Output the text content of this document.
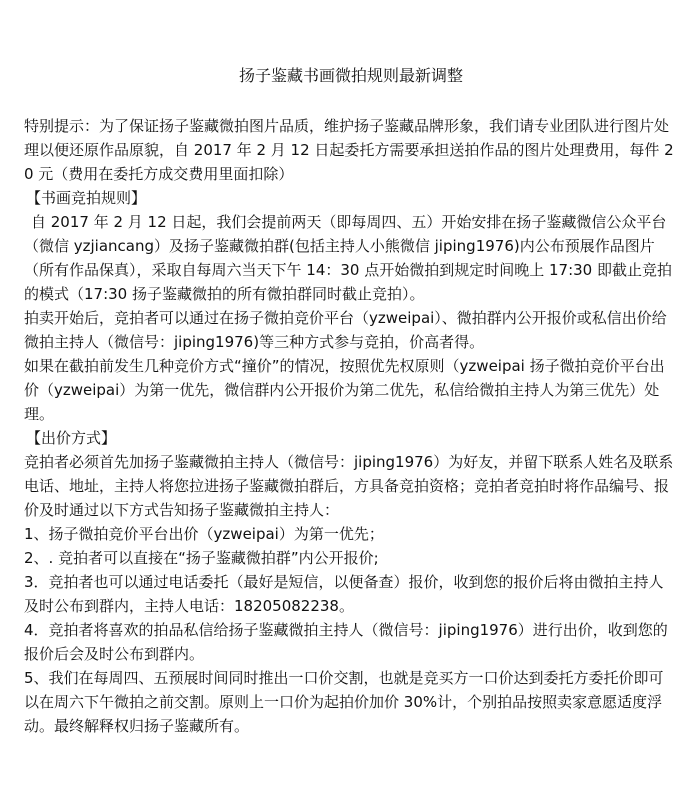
扬子鉴藏书画微拍规则最新调整

特别提示：为了保证扬子鉴藏微拍图片品质，维护扬子鉴藏品牌形象，我们请专业团队进行图片处理以便还原作品原貌，自 2017 年 2 月 12 日起委托方需要承担送拍作品的图片处理费用，每件 20 元（费用在委托方成交费用里面扣除）

【书画竞拍规则】

自 2017 年 2 月 12 日起，我们会提前两天（即每周四、五）开始安排在扬子鉴藏微信公众平台（微信 yzjiancang）及扬子鉴藏微拍群(包括主持人小熊微信 jiping1976)内公布预展作品图片（所有作品保真），采取自每周六当天下午 14：30 点开始微拍到规定时间晚上 17:30 即截止竞拍的模式（17:30 扬子鉴藏微拍的所有微拍群同时截止竞拍）。

拍卖开始后，竞拍者可以通过在扬子微拍竞价平台（yzweipai）、微拍群内公开报价或私信出价给微拍主持人（微信号：jiping1976)等三种方式参与竞拍，价高者得。

如果在截拍前发生几种竞价方式“撞价”的情况，按照优先权原则（yzweipai 扬子微拍竞价平台出价（yzweipai）为第一优先，微信群内公开报价为第二优先，私信给微拍主持人为第三优先）处理。

【出价方式】

竞拍者必须首先加扬子鉴藏微拍主持人（微信号：jiping1976）为好友，并留下联系人姓名及联系电话、地址，主持人将您拉进扬子鉴藏微拍群后，方具备竞拍资格；竞拍者竞拍时将作品编号、报价及时通过以下方式告知扬子鉴藏微拍主持人：

1、扬子微拍竞价平台出价（yzweipai）为第一优先；

2、. 竞拍者可以直接在“扬子鉴藏微拍群”内公开报价;

3．竞拍者也可以通过电话委托（最好是短信，以便备查）报价，收到您的报价后将由微拍主持人及时公布到群内，主持人电话：18205082238。

4．竞拍者将喜欢的拍品私信给扬子鉴藏微拍主持人（微信号：jiping1976）进行出价，收到您的报价后会及时公布到群内。

5、我们在每周四、五预展时间同时推出一口价交割，也就是竞买方一口价达到委托方委托价即可以在周六下午微拍之前交割。原则上一口价为起拍价加价 30%计，个别拍品按照卖家意愿适度浮动。最终解释权归扬子鉴藏所有。
